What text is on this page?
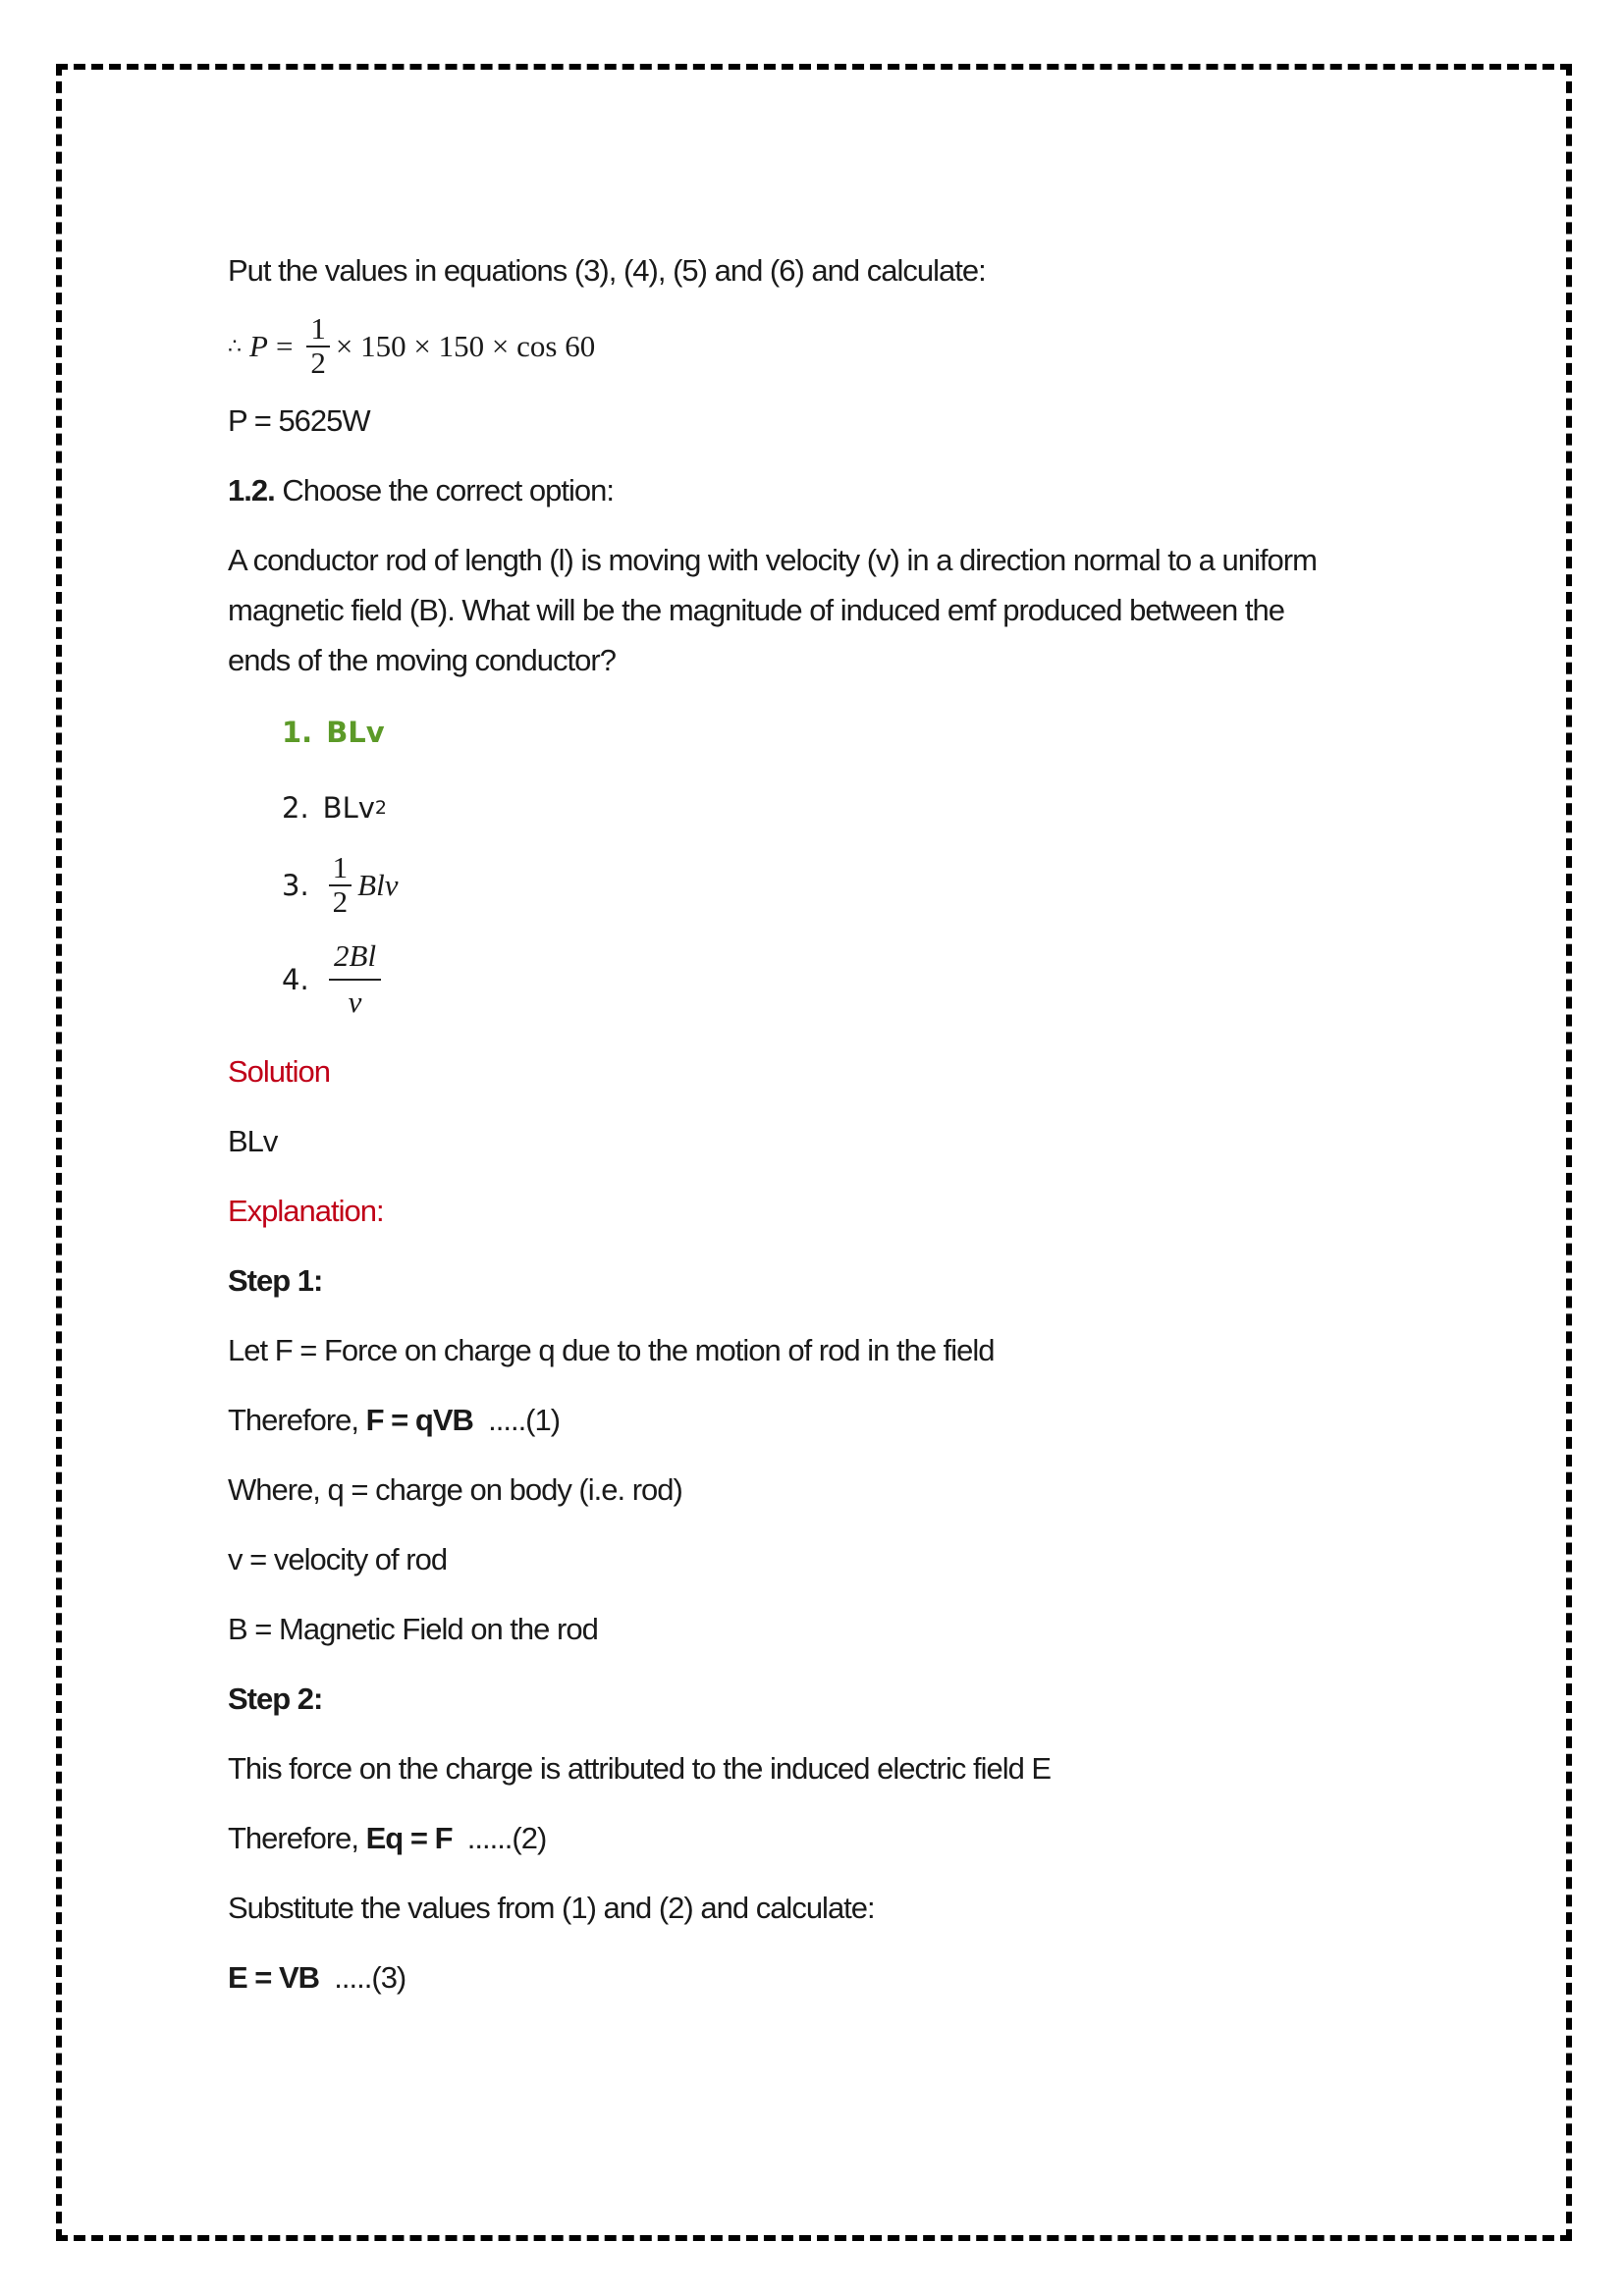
Put the values in equations (3), (4), (5) and (6) and calculate:

∴ $P = \frac{1}{2} \times 150 \times 150 \times \cos 60$

P = 5625W

1.2. Choose the correct option:

A conductor rod of length (l) is moving with velocity (v) in a direction normal to a uniform magnetic field (B). What will be the magnitude of induced emf produced between the ends of the moving conductor?

1. BLv
2. BLv 2
3. $\frac{1}{2}$ Blv
4. $\frac{2Bl}{v}$

Solution

BLv

Explanation:

Step 1:

Let F = Force on charge q due to the motion of rod in the field

Therefore, F = qVB  .....(1)

Where, q = charge on body (i.e. rod)

v = velocity of rod

B = Magnetic Field on the rod

Step 2:

This force on the charge is attributed to the induced electric field E

Therefore, Eq = F  ......(2)

Substitute the values from (1) and (2) and calculate:

E = VB  .....(3)
